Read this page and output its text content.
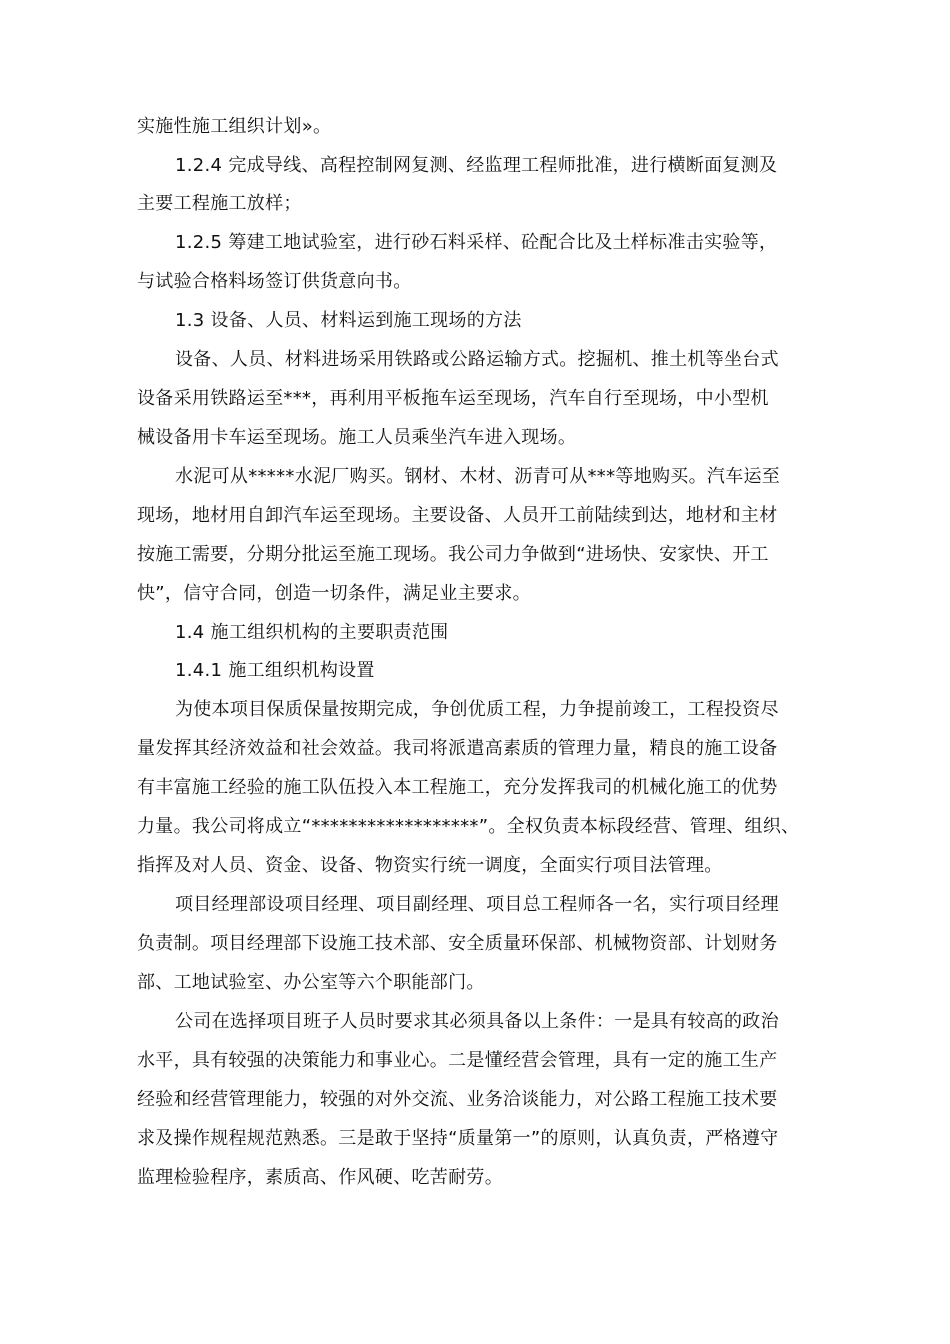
实施性施工组织计划»。
1.2.4 完成导线、高程控制网复测、经监理工程师批准，进行横断面复测及
主要工程施工放样；
1.2.5 筹建工地试验室，进行砂石料采样、砼配合比及土样标准击实验等，
与试验合格料场签订供货意向书。
1.3 设备、人员、材料运到施工现场的方法
设备、人员、材料进场采用铁路或公路运输方式。挖掘机、推土机等坐台式
设备采用铁路运至***，再利用平板拖车运至现场，汽车自行至现场，中小型机
械设备用卡车运至现场。施工人员乘坐汽车进入现场。
水泥可从*****水泥厂购买。钢材、木材、沥青可从***等地购买。汽车运至
现场，地材用自卸汽车运至现场。主要设备、人员开工前陆续到达，地材和主材
按施工需要，分期分批运至施工现场。我公司力争做到“进场快、安家快、开工
快”，信守合同，创造一切条件，满足业主要求。
1.4 施工组织机构的主要职责范围
1.4.1 施工组织机构设置
为使本项目保质保量按期完成，争创优质工程，力争提前竣工，工程投资尽
量发挥其经济效益和社会效益。我司将派遣高素质的管理力量，精良的施工设备
有丰富施工经验的施工队伍投入本工程施工，充分发挥我司的机械化施工的优势
力量。我公司将成立“******************”。全权负责本标段经营、管理、组织、
指挥及对人员、资金、设备、物资实行统一调度，全面实行项目法管理。
项目经理部设项目经理、项目副经理、项目总工程师各一名，实行项目经理
负责制。项目经理部下设施工技术部、安全质量环保部、机械物资部、计划财务
部、工地试验室、办公室等六个职能部门。
公司在选择项目班子人员时要求其必须具备以上条件：一是具有较高的政治
水平，具有较强的决策能力和事业心。二是懂经营会管理，具有一定的施工生产
经验和经营管理能力，较强的对外交流、业务洽谈能力，对公路工程施工技术要
求及操作规程规范熟悉。三是敢于坚持“质量第一”的原则，认真负责，严格遵守
监理检验程序，素质高、作风硬、吃苦耐劳。
